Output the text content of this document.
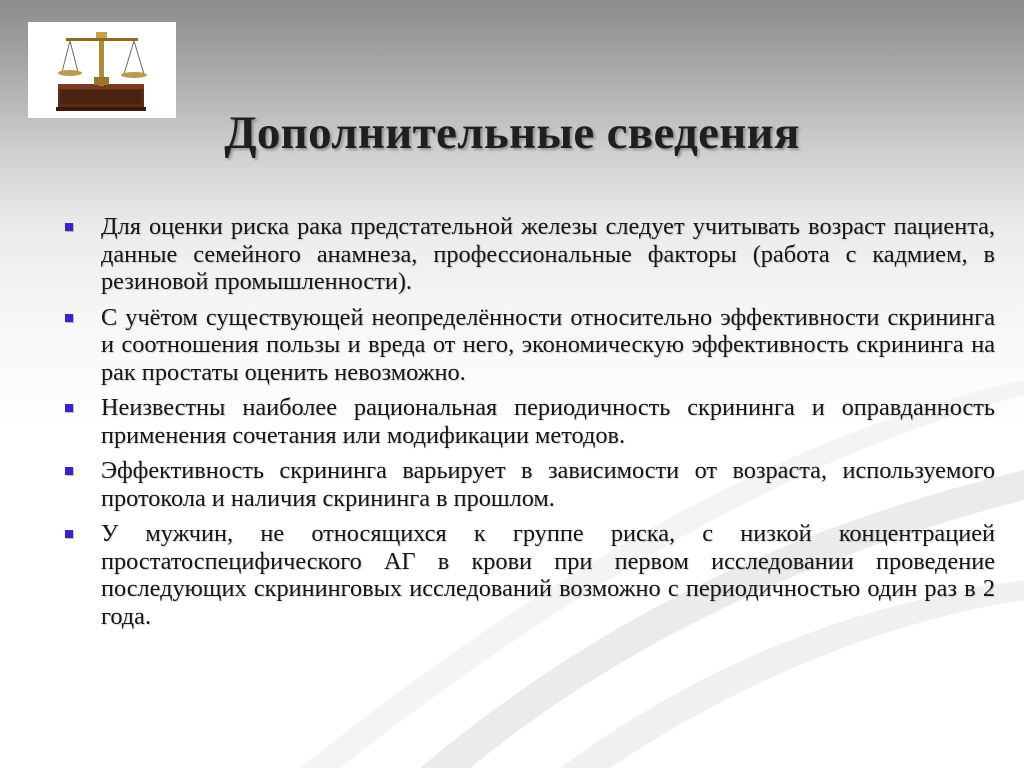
Дополнительные сведения
Для оценки риска рака предстательной железы следует учитывать возраст пациента, данные семейного анамнеза, профессиональные факторы (работа с кадмием, в резиновой промышленности).
С учётом существующей неопределённости относительно эффективности скрининга и соотношения пользы и вреда от него, экономическую эффективность скрининга на рак простаты оценить невозможно.
Неизвестны наиболее рациональная периодичность скрининга и оправданность применения сочетания или модификации методов.
Эффективность скрининга варьирует в зависимости от возраста, используемого протокола и наличия скрининга в прошлом.
У мужчин, не относящихся к группе риска, с низкой концентрацией простатоспецифического АГ в крови при первом исследовании проведение последующих скрининговых исследований возможно с периодичностью один раз в 2 года.
